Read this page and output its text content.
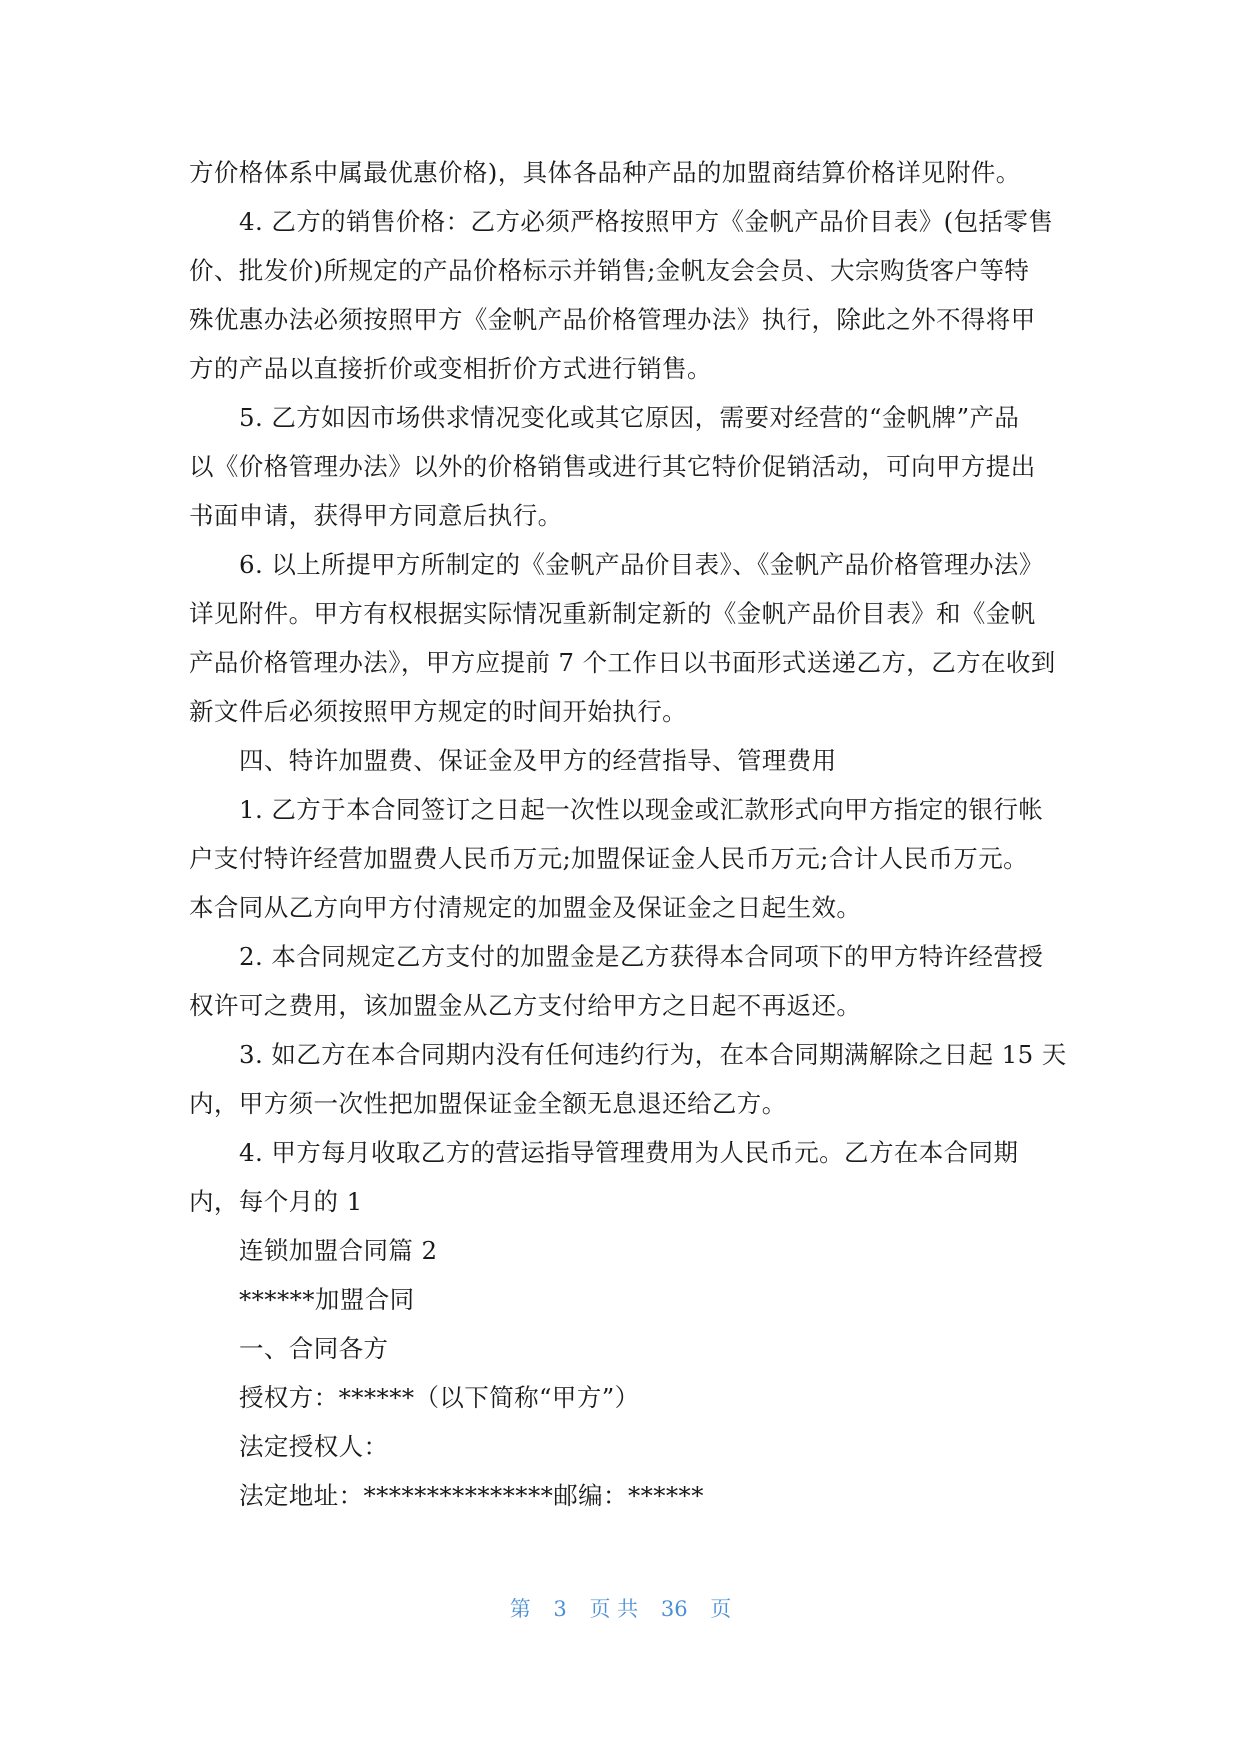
方价格体系中属最优惠价格)，具体各品种产品的加盟商结算价格详见附件。
4. 乙方的销售价格：乙方必须严格按照甲方《金帆产品价目表》(包括零售
价、批发价)所规定的产品价格标示并销售;金帆友会会员、大宗购货客户等特
殊优惠办法必须按照甲方《金帆产品价格管理办法》执行，除此之外不得将甲
方的产品以直接折价或变相折价方式进行销售。
5. 乙方如因市场供求情况变化或其它原因，需要对经营的“金帆牌”产品
以《价格管理办法》以外的价格销售或进行其它特价促销活动，可向甲方提出
书面申请，获得甲方同意后执行。
6. 以上所提甲方所制定的《金帆产品价目表》、《金帆产品价格管理办法》
详见附件。甲方有权根据实际情况重新制定新的《金帆产品价目表》和《金帆
产品价格管理办法》，甲方应提前 7 个工作日以书面形式送递乙方，乙方在收到
新文件后必须按照甲方规定的时间开始执行。
四、特许加盟费、保证金及甲方的经营指导、管理费用
1. 乙方于本合同签订之日起一次性以现金或汇款形式向甲方指定的银行帐
户支付特许经营加盟费人民币万元;加盟保证金人民币万元;合计人民币万元。
本合同从乙方向甲方付清规定的加盟金及保证金之日起生效。
2. 本合同规定乙方支付的加盟金是乙方获得本合同项下的甲方特许经营授
权许可之费用，该加盟金从乙方支付给甲方之日起不再返还。
3. 如乙方在本合同期内没有任何违约行为，在本合同期满解除之日起 15 天
内，甲方须一次性把加盟保证金全额无息退还给乙方。
4. 甲方每月收取乙方的营运指导管理费用为人民币元。乙方在本合同期
内，每个月的 1
连锁加盟合同篇 2
******加盟合同
一、合同各方
授权方：******（以下简称“甲方”）
法定授权人：
法定地址：***************邮编：******
第 3 页 共 36 页
